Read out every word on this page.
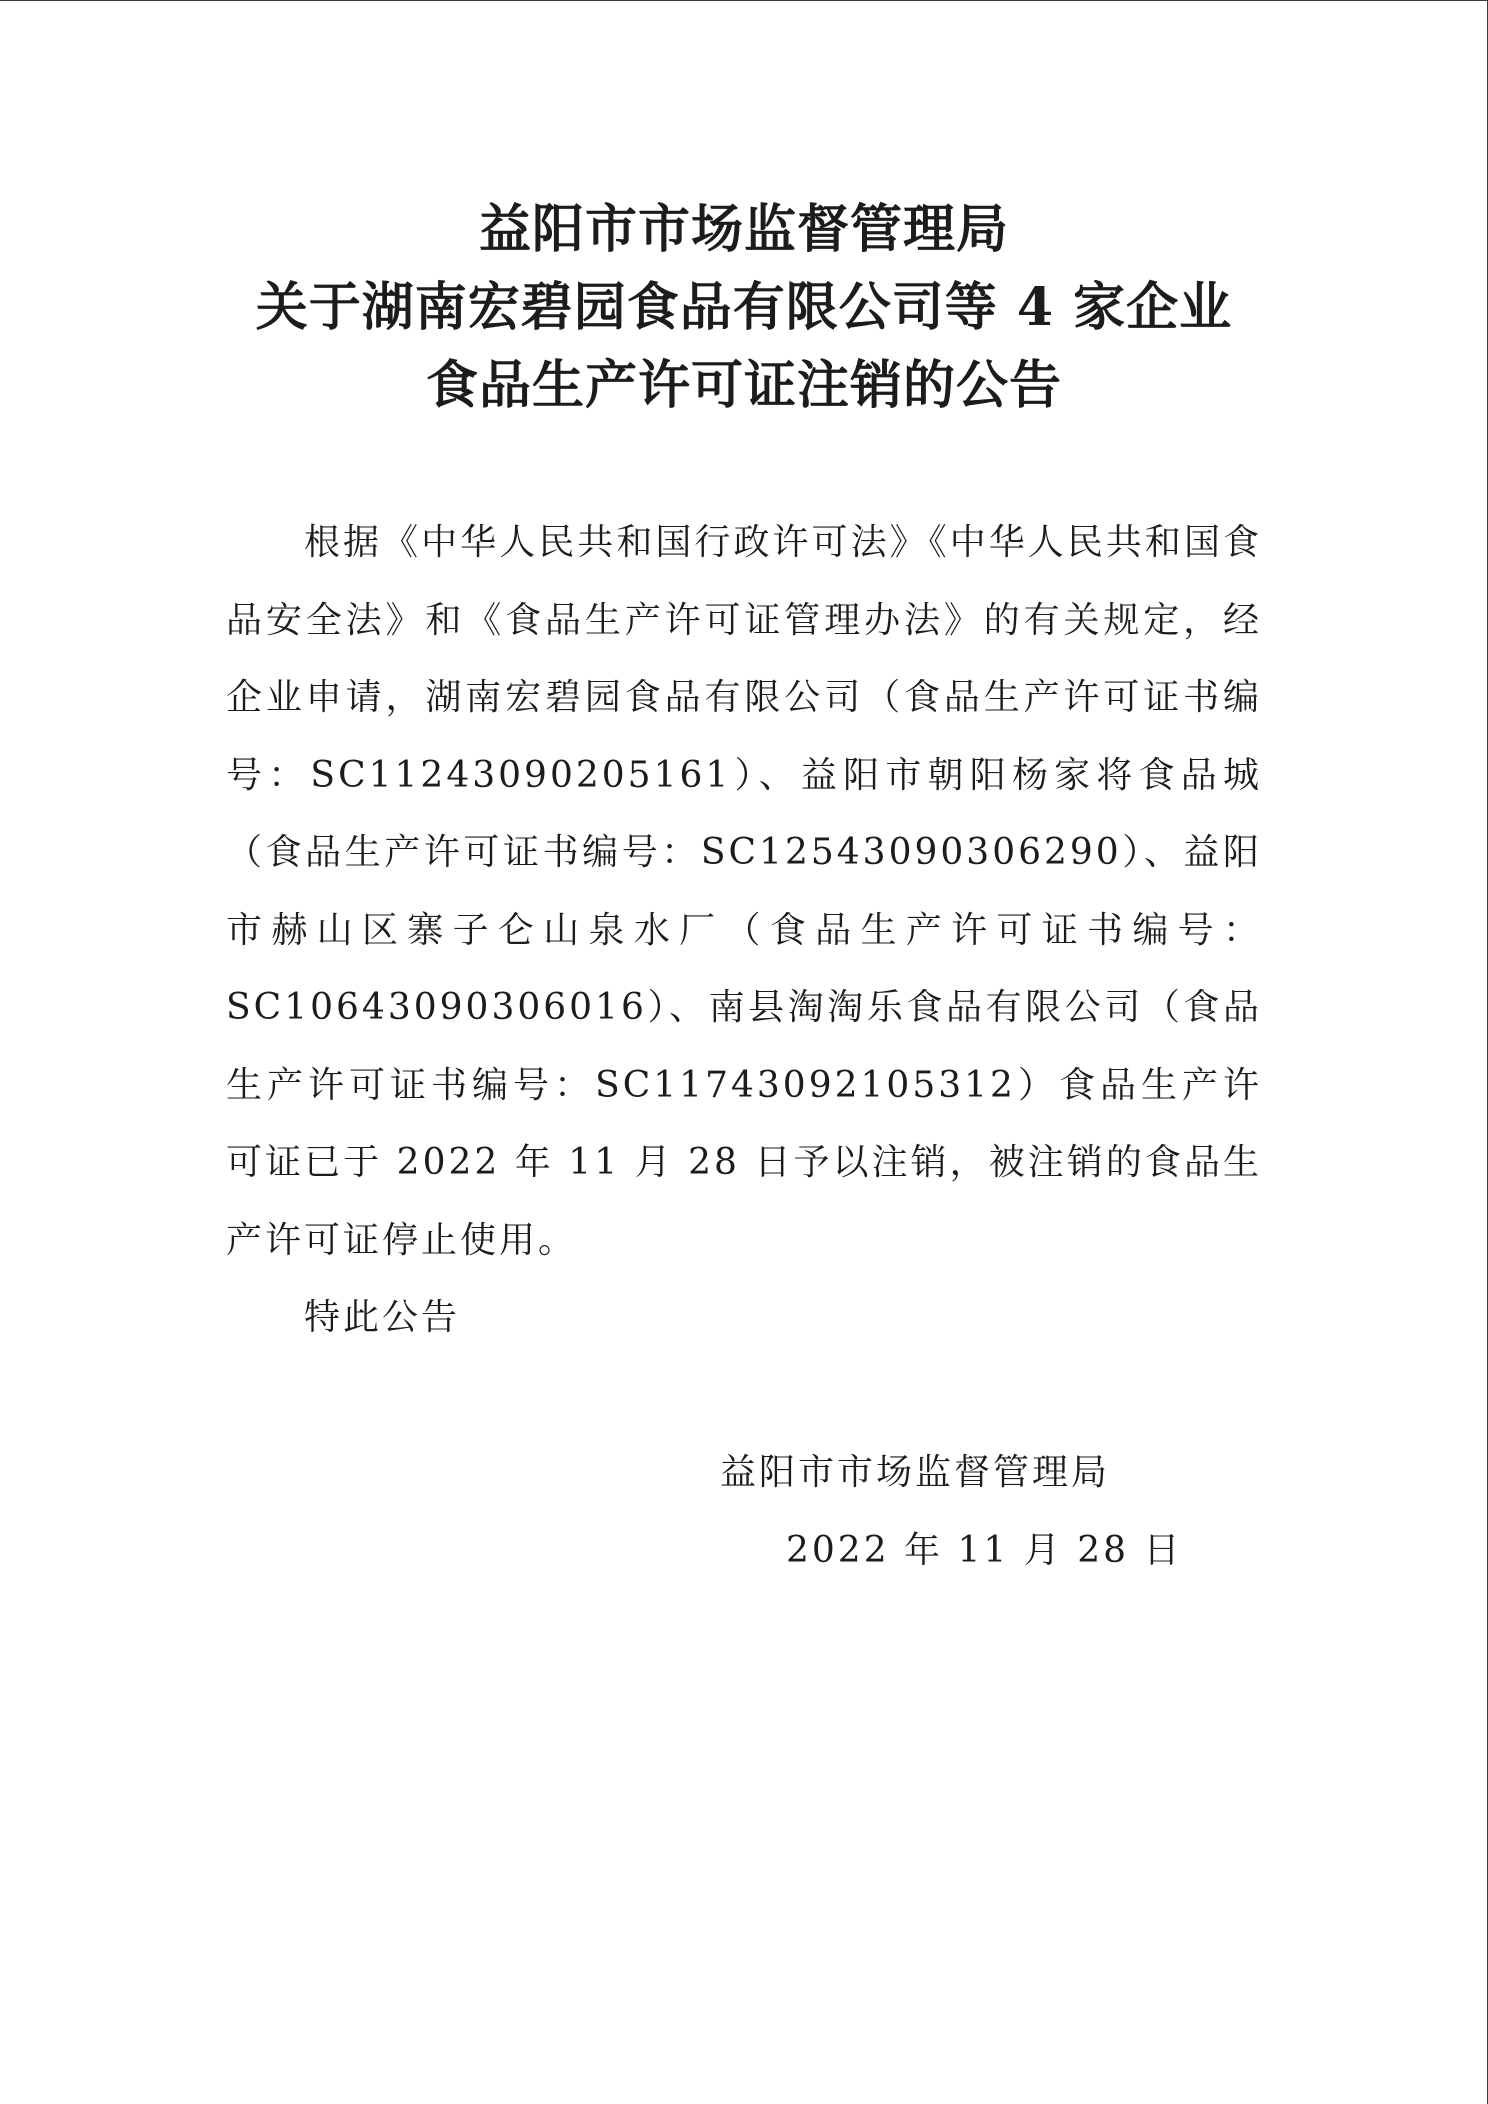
益阳市市场监督管理局
关于湖南宏碧园食品有限公司等 4 家企业
食品生产许可证注销的公告

根据《中华人民共和国行政许可法》《中华人民共和国食品安全法》和《食品生产许可证管理办法》的有关规定，经企业申请，湖南宏碧园食品有限公司（食品生产许可证书编号：SC11243090205161）、益阳市朝阳杨家将食品城（食品生产许可证书编号：SC12543090306290）、益阳市赫山区寨子仑山泉水厂（食品生产许可证书编号：SC10643090306016）、南县淘淘乐食品有限公司（食品生产许可证书编号：SC11743092105312）食品生产许可证已于 2022 年 11 月 28 日予以注销，被注销的食品生产许可证停止使用。

特此公告

益阳市市场监督管理局
2022 年 11 月 28 日
